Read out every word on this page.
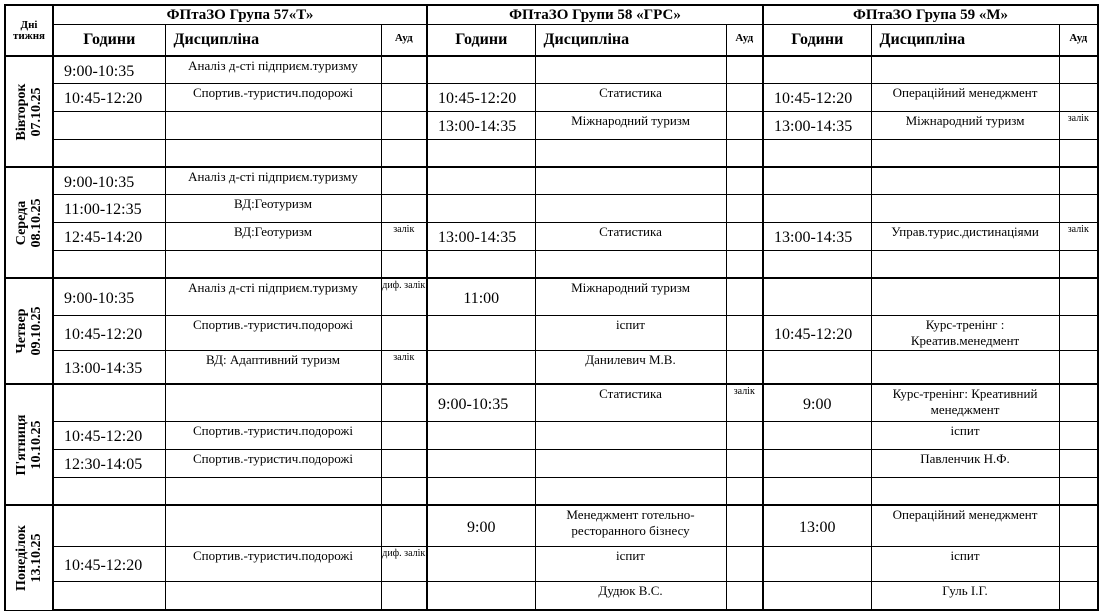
Дні тижня	ФПтаЗО Група 57«Т»			ФПтаЗО Групи 58 «ГРС»			ФПтаЗО Група 59 «М»		
	Години	Дисципліна	Ауд	Години	Дисципліна	Ауд	Години	Дисципліна	Ауд

Вівторок 07.10.25	9:00-10:35	Аналіз д-сті підприєм.туризму							
	10:45-12:20	Спортив.-туристич.подорожі		10:45-12:20	Статистика		10:45-12:20	Операційний менеджмент	
				13:00-14:35	Міжнародний туризм		13:00-14:35	Міжнародний туризм	залік

Середа 08.10.25	9:00-10:35	Аналіз д-сті підприєм.туризму							
	11:00-12:35	ВД:Геотуризм							
	12:45-14:20	ВД:Геотуризм	залік	13:00-14:35	Статистика		13:00-14:35	Управ.турис.дистинаціями	залік

Четвер 09.10.25	9:00-10:35	Аналіз д-сті підприєм.туризму	диф. залік	11:00	Міжнародний туризм				
	10:45-12:20	Спортив.-туристич.подорожі			іспит		10:45-12:20	Курс-тренінг : Креатив.менедмент	
	13:00-14:35	ВД: Адаптивний туризм	залік		Данилевич М.В.				

П'ятниця 10.10.25				9:00-10:35	Статистика	залік	9:00	Курс-тренінг: Креативний менеджмент	
	10:45-12:20	Спортив.-туристич.подорожі						іспит	
	12:30-14:05	Спортив.-туристич.подорожі						Павленчик Н.Ф.	

Понеділок 13.10.25				9:00	Менеджмент готельно-ресторанного бізнесу		13:00	Операційний менеджмент	
	10:45-12:20	Спортив.-туристич.подорожі	диф. залік		іспит			іспит	
					Дудюк В.С.			Гуль І.Г.	
